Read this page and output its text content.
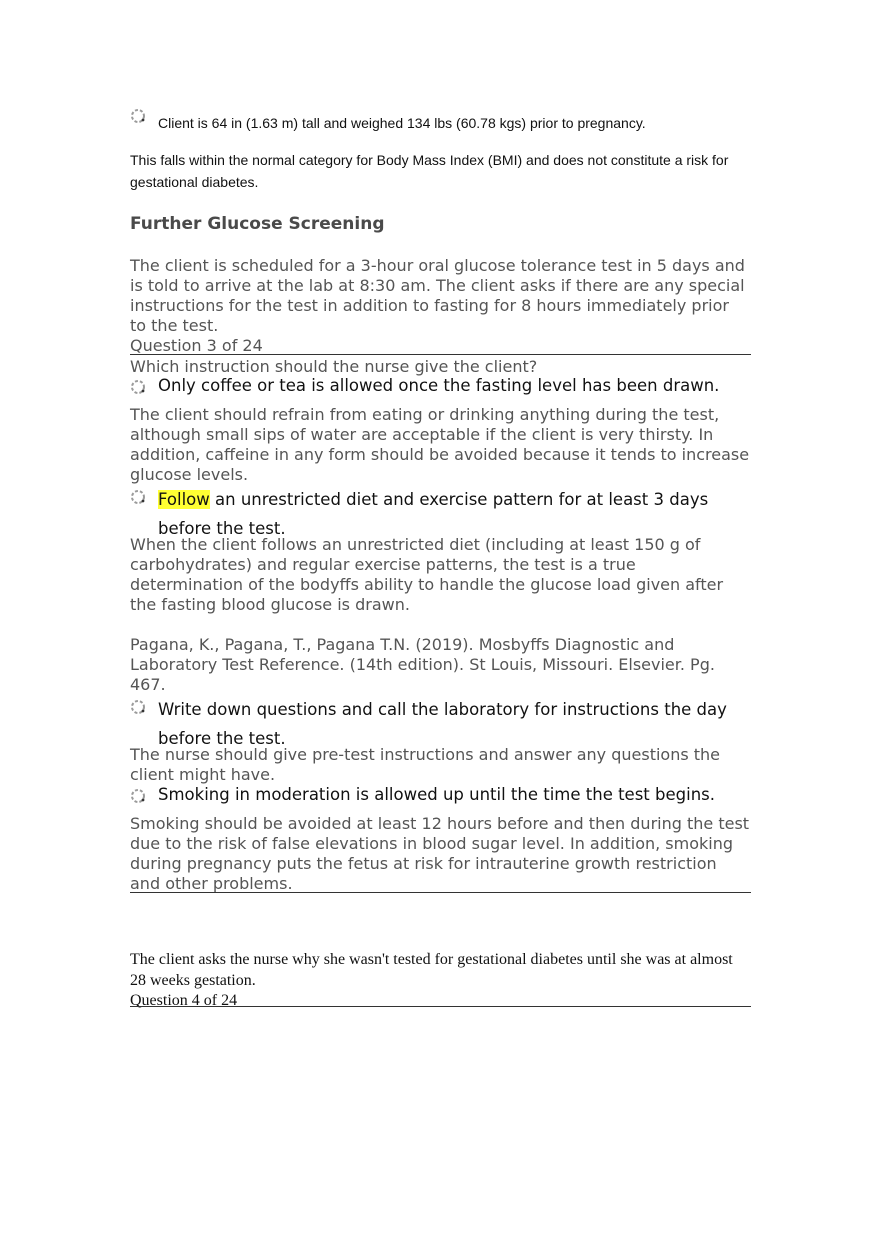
Client is 64 in (1.63 m) tall and weighed 134 lbs (60.78 kgs) prior to pregnancy.
This falls within the normal category for Body Mass Index (BMI) and does not constitute a risk for gestational diabetes.
Further Glucose Screening
The client is scheduled for a 3-hour oral glucose tolerance test in 5 days and is told to arrive at the lab at 8:30 am. The client asks if there are any special instructions for the test in addition to fasting for 8 hours immediately prior to the test.
Question 3 of 24
Which instruction should the nurse give the client?
Only coffee or tea is allowed once the fasting level has been drawn.
The client should refrain from eating or drinking anything during the test, although small sips of water are acceptable if the client is very thirsty. In addition, caffeine in any form should be avoided because it tends to increase glucose levels.
Follow an unrestricted diet and exercise pattern for at least 3 days before the test.
When the client follows an unrestricted diet (including at least 150 g of carbohydrates) and regular exercise patterns, the test is a true determination of the bodyffs ability to handle the glucose load given after the fasting blood glucose is drawn.
Pagana, K., Pagana, T., Pagana T.N. (2019). Mosbyffs Diagnostic and Laboratory Test Reference. (14th edition). St Louis, Missouri. Elsevier. Pg. 467.
Write down questions and call the laboratory for instructions the day before the test.
The nurse should give pre-test instructions and answer any questions the client might have.
Smoking in moderation is allowed up until the time the test begins.
Smoking should be avoided at least 12 hours before and then during the test due to the risk of false elevations in blood sugar level. In addition, smoking during pregnancy puts the fetus at risk for intrauterine growth restriction and other problems.
The client asks the nurse why she wasn't tested for gestational diabetes until she was at almost 28 weeks gestation.
Question 4 of 24
